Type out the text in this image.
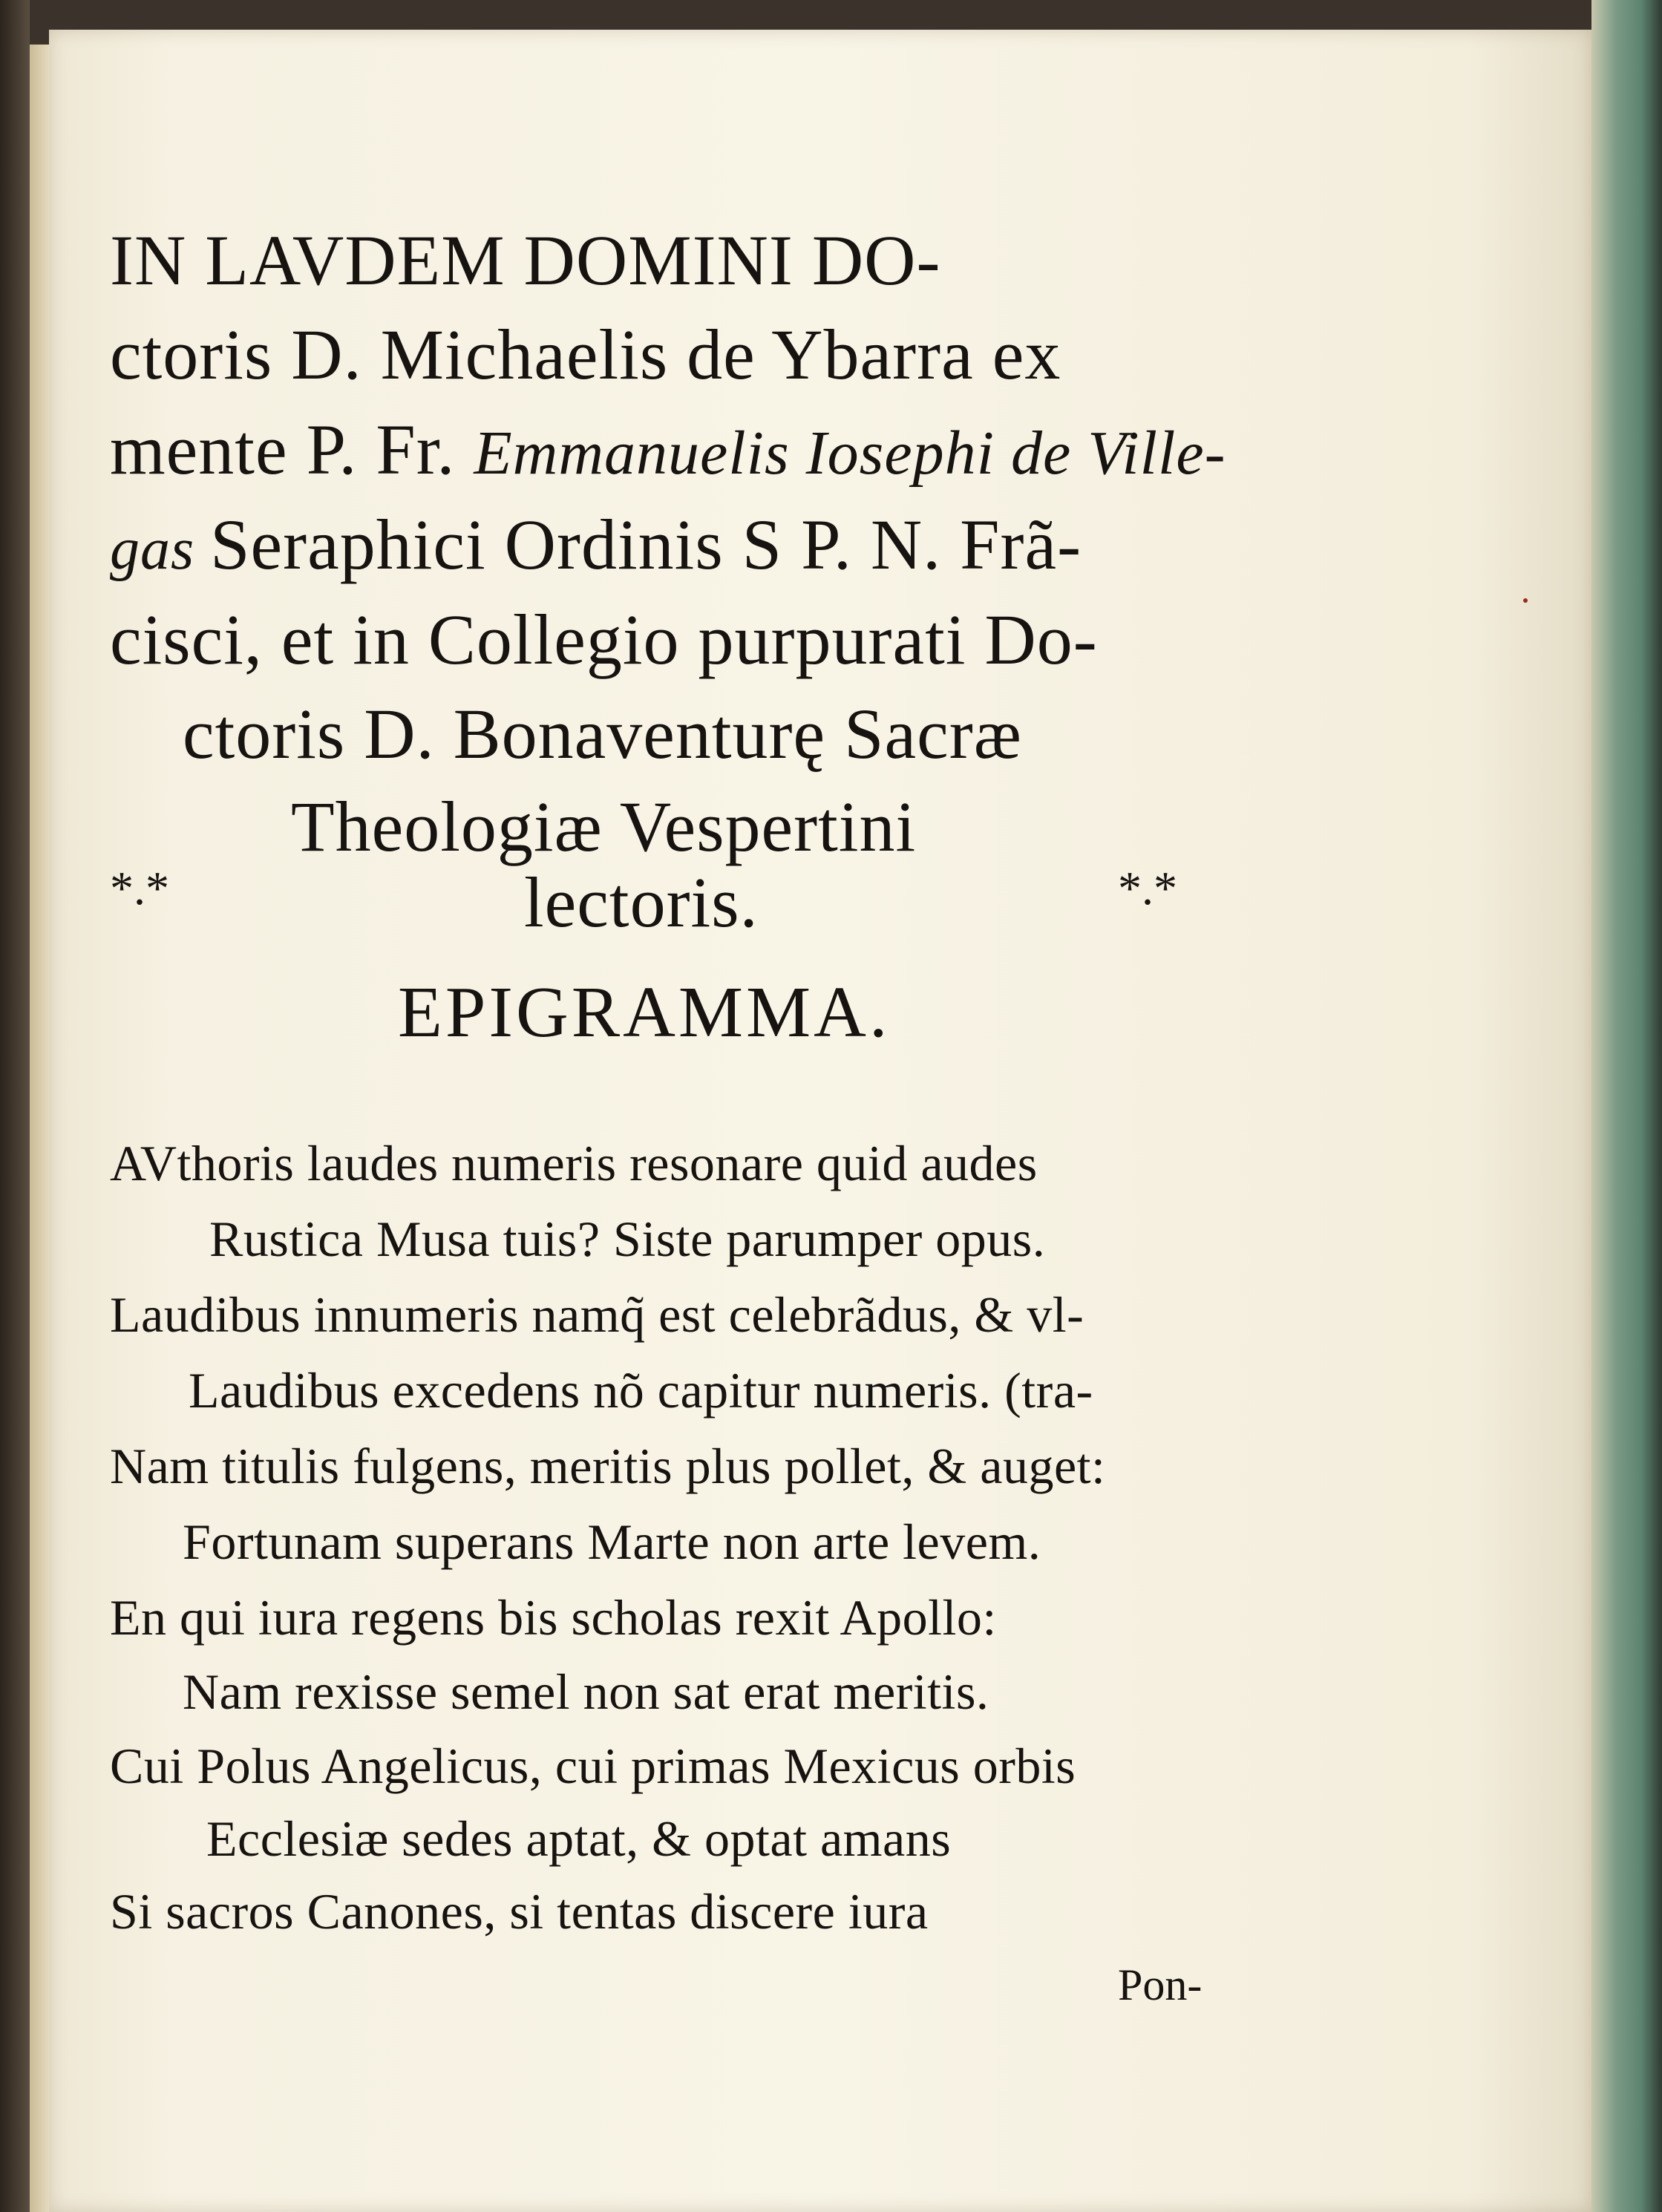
IN LAVDEM DOMINI DO-
ctoris D. Michaelis de Ybarra ex
mente P. Fr. Emmanuelis Iosephi de Ville-
gas Seraphici Ordinis S P. N. Frã-
cisci, et in Collegio purpurati Do-
ctoris D. Bonaventurę Sacræ
Theologiæ Vespertini
*.*	lectoris.	*.*
EPIGRAMMA.
AVthoris laudes numeris resonare quid audes
Rustica Musa tuis? Siste parumper opus.
Laudibus innumeris namq̃ est celebrãdus, & vl-
Laudibus excedens nõ capitur numeris. (tra-
Nam titulis fulgens, meritis plus pollet, & auget:
Fortunam superans Marte non arte levem.
En qui iura regens bis scholas rexit Apollo:
Nam rexisse semel non sat erat meritis.
Cui Polus Angelicus, cui primas Mexicus orbis
Ecclesiæ sedes aptat, & optat amans
Si sacros Canones, si tentas discere iura
Pon-
